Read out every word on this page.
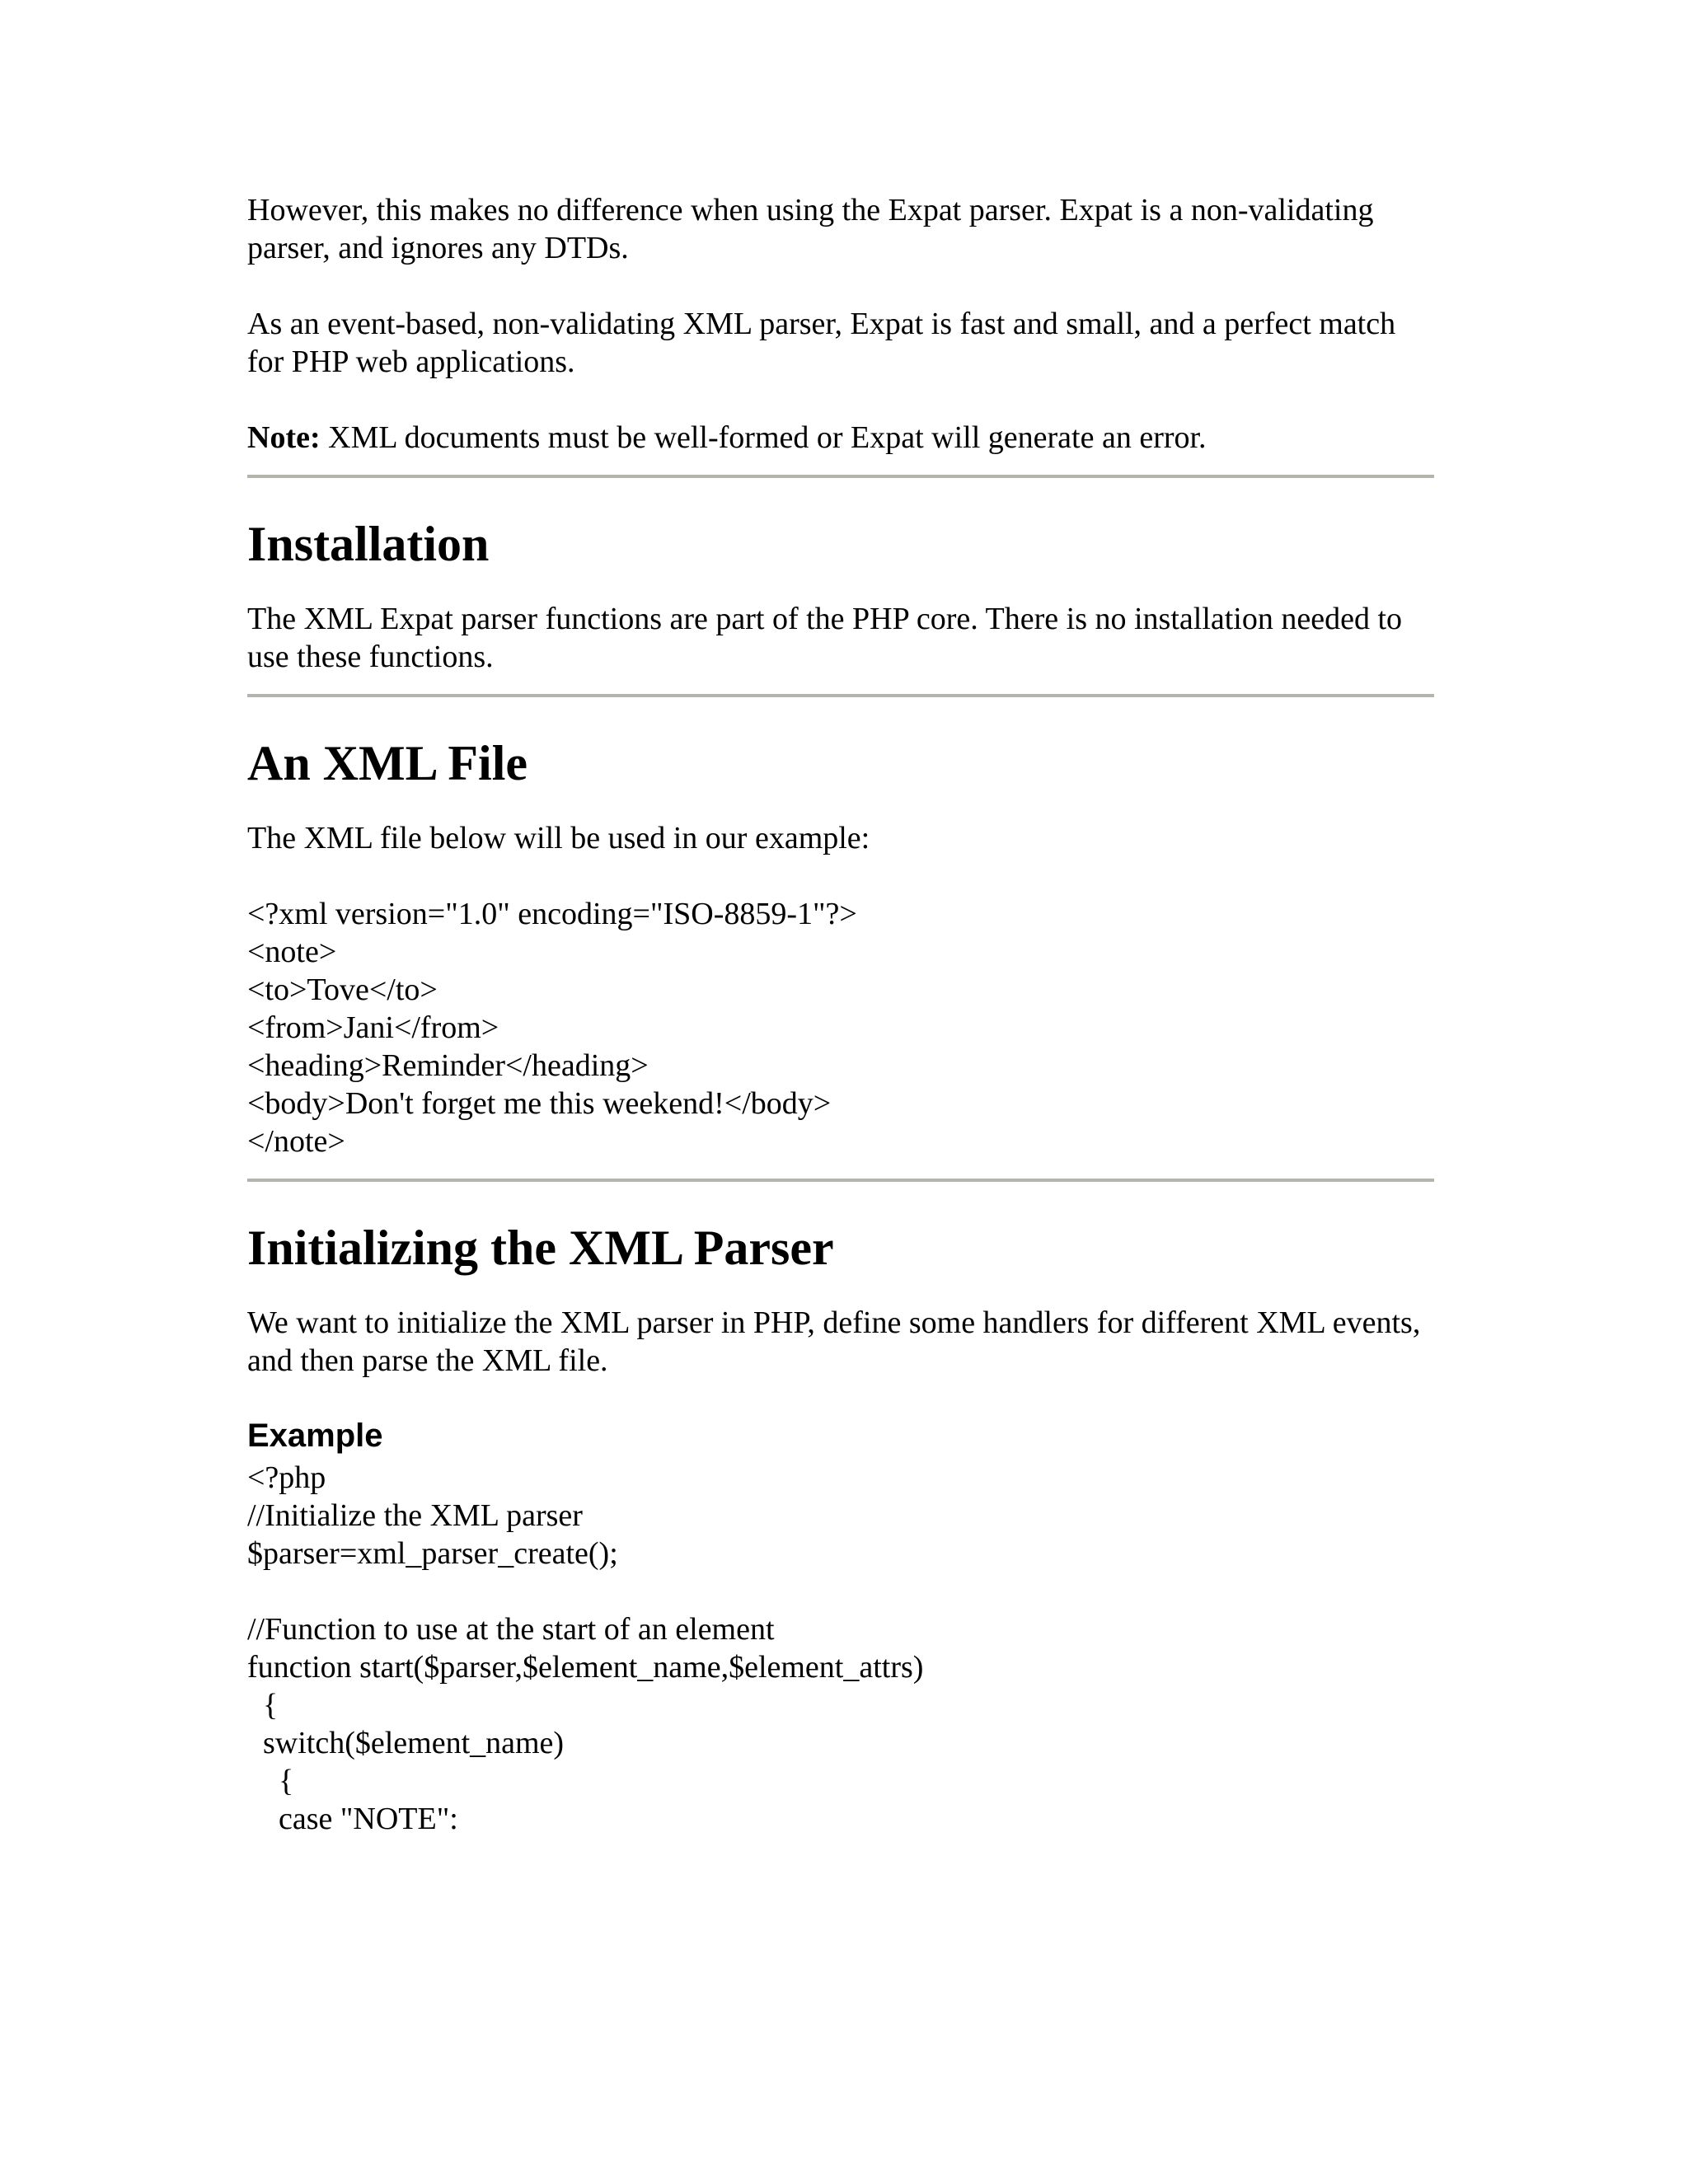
However, this makes no difference when using the Expat parser. Expat is a non-validating parser, and ignores any DTDs.

As an event-based, non-validating XML parser, Expat is fast and small, and a perfect match for PHP web applications.

Note: XML documents must be well-formed or Expat will generate an error.

Installation

The XML Expat parser functions are part of the PHP core. There is no installation needed to use these functions.

An XML File

The XML file below will be used in our example:

<?xml version="1.0" encoding="ISO-8859-1"?>
<note>
<to>Tove</to>
<from>Jani</from>
<heading>Reminder</heading>
<body>Don't forget me this weekend!</body>
</note>
Initializing the XML Parser

We want to initialize the XML parser in PHP, define some handlers for different XML events, and then parse the XML file.

Example
<?php
//Initialize the XML parser
$parser=xml_parser_create();
//Function to use at the start of an element
function start($parser,$element_name,$element_attrs)
{
switch($element_name)
{
case "NOTE":
